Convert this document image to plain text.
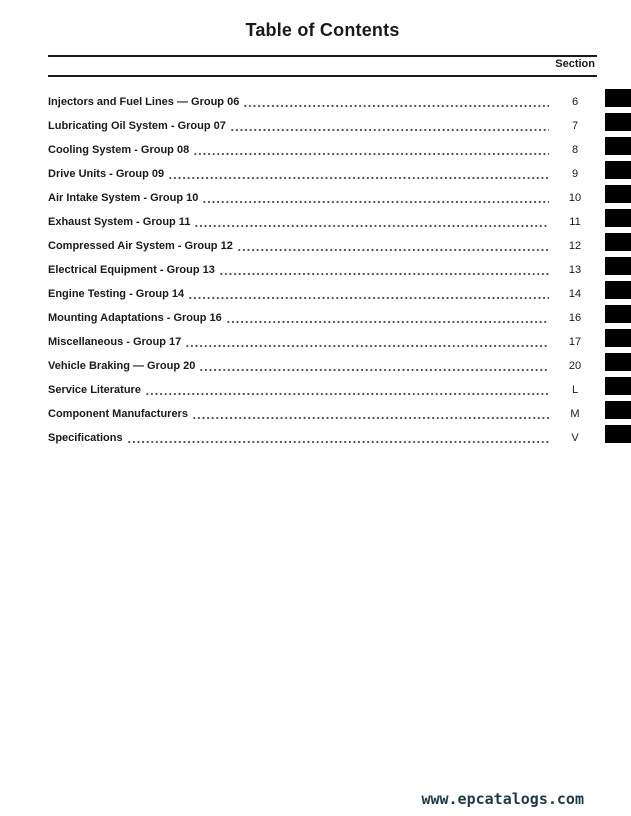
Table of Contents
Section
Injectors and Fuel Lines — Group 06	6
Lubricating Oil System - Group 07	7
Cooling System - Group 08	8
Drive Units - Group 09	9
Air Intake System - Group 10	10
Exhaust System - Group 11	11
Compressed Air System - Group 12	12
Electrical Equipment - Group 13	13
Engine Testing - Group 14	14
Mounting Adaptations - Group 16	16
Miscellaneous - Group 17	17
Vehicle Braking — Group 20	20
Service Literature	L
Component Manufacturers	M
Specifications	V
www.epcatalogs.com
